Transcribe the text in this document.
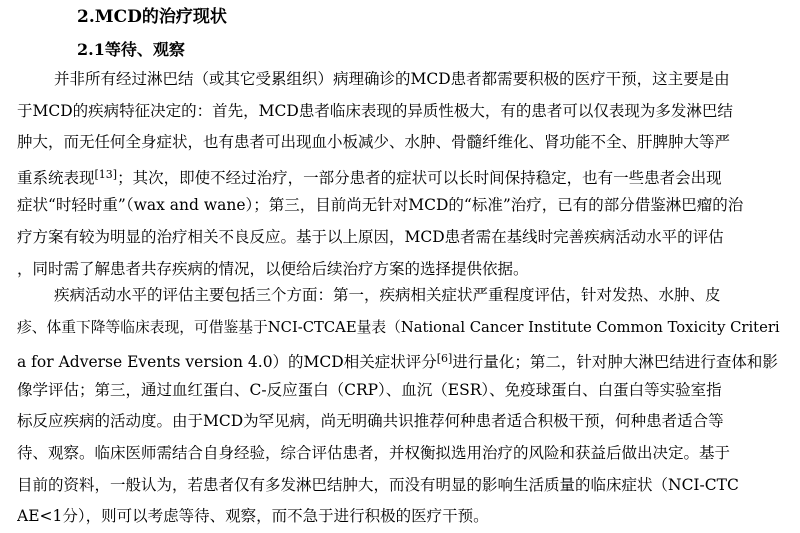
2.MCD的治疗现状
2.1等待、观察
并非所有经过淋巴结（或其它受累组织）病理确诊的MCD患者都需要积极的医疗干预，这主要是由
于MCD的疾病特征决定的：首先，MCD患者临床表现的异质性极大，有的患者可以仅表现为多发淋巴结
肿大，而无任何全身症状，也有患者可出现血小板减少、水肿、骨髓纤维化、肾功能不全、肝脾肿大等严
重系统表现[13]；其次，即使不经过治疗，一部分患者的症状可以长时间保持稳定，也有一些患者会出现
症状“时轻时重”（wax and wane）；第三，目前尚无针对MCD的“标准”治疗，已有的部分借鉴淋巴瘤的治
疗方案有较为明显的治疗相关不良反应。基于以上原因，MCD患者需在基线时完善疾病活动水平的评估
，同时需了解患者共存疾病的情况，以便给后续治疗方案的选择提供依据。
疾病活动水平的评估主要包括三个方面：第一，疾病相关症状严重程度评估，针对发热、水肿、皮
疹、体重下降等临床表现，可借鉴基于NCI-CTCAE量表（National Cancer Institute Common Toxicity Criteri
a for Adverse Events version 4.0）的MCD相关症状评分[6]进行量化；第二，针对肿大淋巴结进行查体和影
像学评估；第三，通过血红蛋白、C-反应蛋白（CRP）、血沉（ESR）、免疫球蛋白、白蛋白等实验室指
标反应疾病的活动度。由于MCD为罕见病，尚无明确共识推荐何种患者适合积极干预，何种患者适合等
待、观察。临床医师需结合自身经验，综合评估患者，并权衡拟选用治疗的风险和获益后做出决定。基于
目前的资料，一般认为，若患者仅有多发淋巴结肿大，而没有明显的影响生活质量的临床症状（NCI-CTC
AE<1分），则可以考虑等待、观察，而不急于进行积极的医疗干预。
